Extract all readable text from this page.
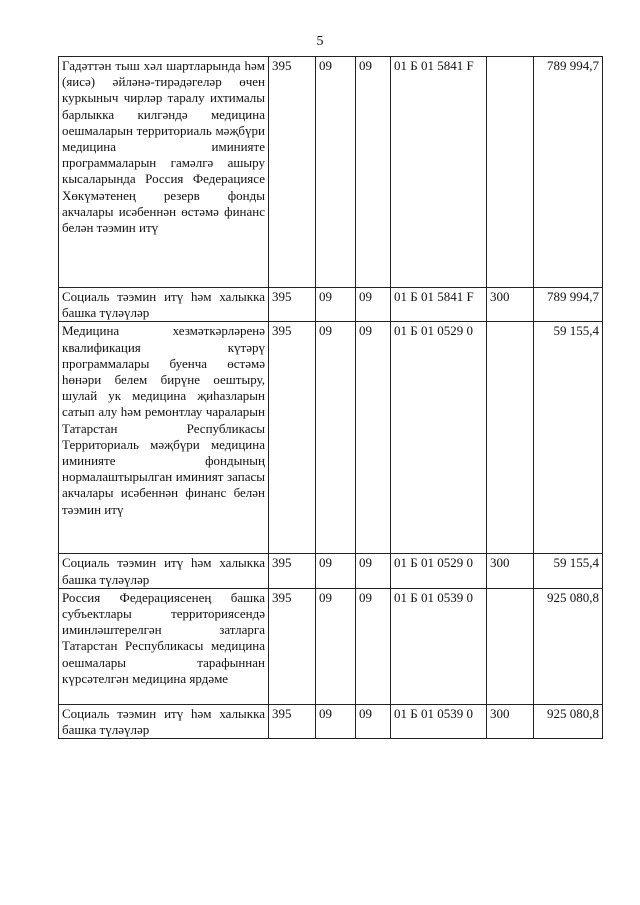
5
Гадәттән тыш хәл шартларында һәм (яисә) әйләнә-тирәдәгеләр өчен куркыныч чирләр таралу ихтималы барлыкка килгәндә медицина оешмаларын территориаль мәҗбүри медицина иминияте программаларын гамәлгә ашыру кысаларында Россия Федерациясе Хөкүмәтенең резерв фонды акчалары исәбеннән өстәмә финанс белән тәэмин итү	395	09	09	01 Б 01 5841 F		789 994,7
Социаль тәэмин итү һәм халыкка башка түләүләр	395	09	09	01 Б 01 5841 F	300	789 994,7
Медицина хезмәткәрләренә квалификация күтәрү программалары буенча өстәмә һөнәри белем бирүне оештыру, шулай ук медицина җиһазларын сатып алу һәм ремонтлау чараларын Татарстан Республикасы Территориаль мәҗбүри медицина иминияте фондының нормалаштырылган иминият запасы акчалары исәбеннән финанс белән тәэмин итү	395	09	09	01 Б 01 0529 0		59 155,4
Социаль тәэмин итү һәм халыкка башка түләүләр	395	09	09	01 Б 01 0529 0	300	59 155,4
Россия Федерациясенең башка субъектлары территориясендә иминләштерелгән затларга Татарстан Республикасы медицина оешмалары тарафыннан күрсәтелгән медицина ярдәме	395	09	09	01 Б 01 0539 0		925 080,8
Социаль тәэмин итү һәм халыкка башка түләүләр	395	09	09	01 Б 01 0539 0	300	925 080,8
